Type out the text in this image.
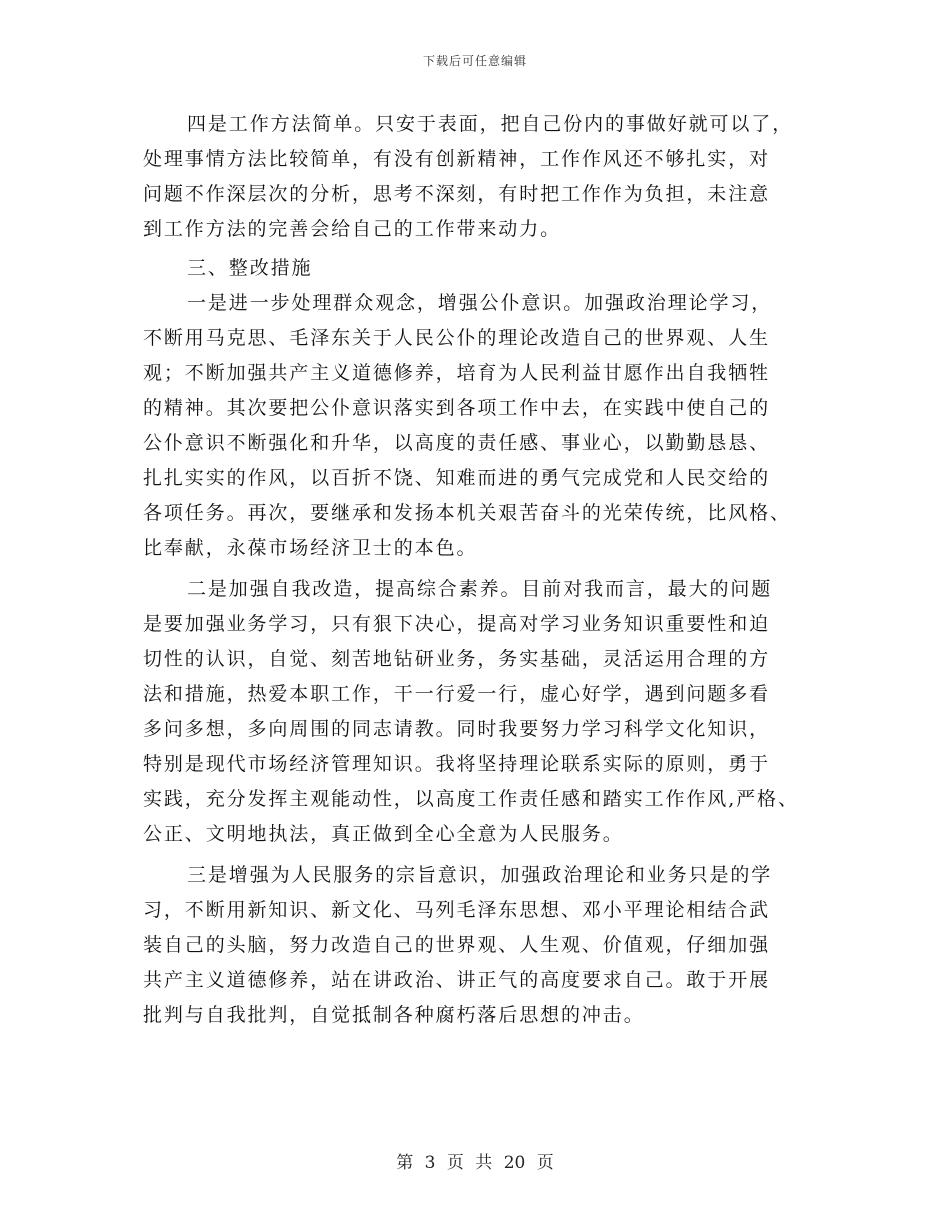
下载后可任意编辑
四是工作方法简单。只安于表面，把自己份内的事做好就可以了，
处理事情方法比较简单，有没有创新精神，工作作风还不够扎实，对
问题不作深层次的分析，思考不深刻，有时把工作作为负担，未注意
到工作方法的完善会给自己的工作带来动力。
三、整改措施
一是进一步处理群众观念，增强公仆意识。加强政治理论学习，
不断用马克思、毛泽东关于人民公仆的理论改造自己的世界观、人生
观；不断加强共产主义道德修养，培育为人民利益甘愿作出自我牺牲
的精神。其次要把公仆意识落实到各项工作中去，在实践中使自己的
公仆意识不断强化和升华，以高度的责任感、事业心，以勤勤恳恳、
扎扎实实的作风，以百折不饶、知难而进的勇气完成党和人民交给的
各项任务。再次，要继承和发扬本机关艰苦奋斗的光荣传统，比风格、
比奉献，永葆市场经济卫士的本色。
二是加强自我改造，提高综合素养。目前对我而言，最大的问题
是要加强业务学习，只有狠下决心，提高对学习业务知识重要性和迫
切性的认识，自觉、刻苦地钻研业务，务实基础，灵活运用合理的方
法和措施，热爱本职工作，干一行爱一行，虚心好学，遇到问题多看
多问多想，多向周围的同志请教。同时我要努力学习科学文化知识，
特别是现代市场经济管理知识。我将坚持理论联系实际的原则，勇于
实践，充分发挥主观能动性，以高度工作责任感和踏实工作作风,严格、
公正、文明地执法，真正做到全心全意为人民服务。
三是增强为人民服务的宗旨意识，加强政治理论和业务只是的学
习，不断用新知识、新文化、马列毛泽东思想、邓小平理论相结合武
装自己的头脑，努力改造自己的世界观、人生观、价值观，仔细加强
共产主义道德修养，站在讲政治、讲正气的高度要求自己。敢于开展
批判与自我批判，自觉抵制各种腐朽落后思想的冲击。
第 3 页 共 20 页
